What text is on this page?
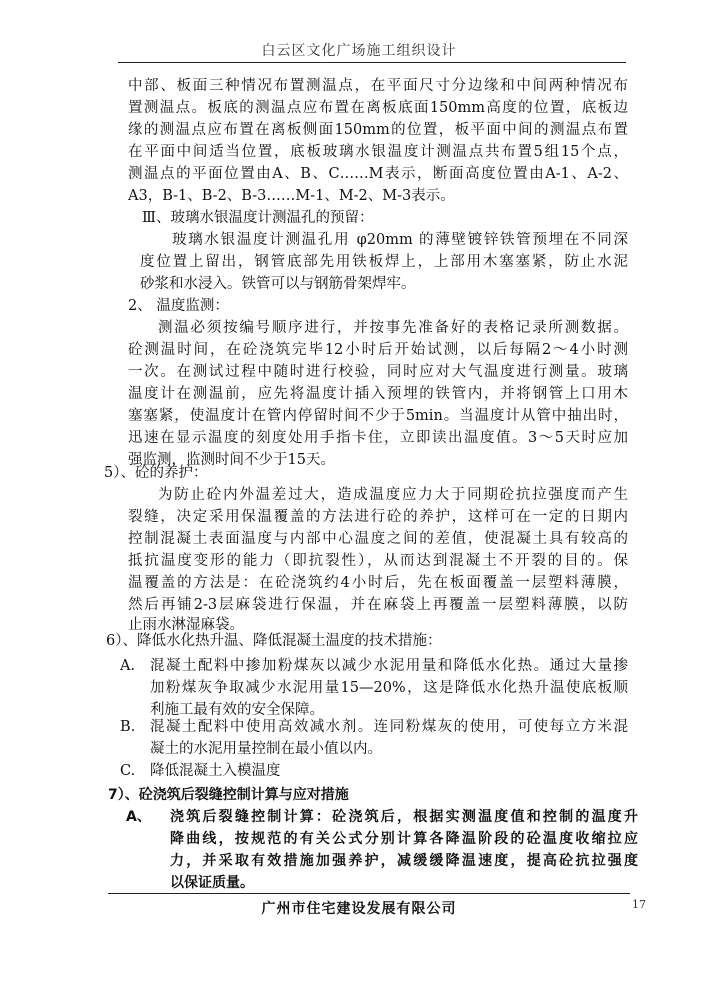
白云区文化广场施工组织设计
中部、板面三种情况布置测温点，在平面尺寸分边缘和中间两种情况布
置测温点。板底的测温点应布置在离板底面150mm高度的位置，底板边
缘的测温点应布置在离板侧面150mm的位置，板平面中间的测温点布置
在平面中间适当位置，底板玻璃水银温度计测温点共布置5组15个点，
测温点的平面位置由A、B、C……M表示，断面高度位置由A-1、A-2、
A3，B-1、B-2、B-3……M-1、M-2、M-3表示。
Ⅲ、玻璃水银温度计测温孔的预留：
玻璃水银温度计测温孔用 φ20mm 的薄壁镀锌铁管预埋在不同深
度位置上留出，钢管底部先用铁板焊上，上部用木塞塞紧，防止水泥
砂浆和水浸入。铁管可以与钢筋骨架焊牢。
2、 温度监测：
测温必须按编号顺序进行，并按事先准备好的表格记录所测数据。
砼测温时间，在砼浇筑完毕12小时后开始试测，以后每隔2～4小时测
一次。在测试过程中随时进行校验，同时应对大气温度进行测量。玻璃
温度计在测温前，应先将温度计插入预埋的铁管内，并将钢管上口用木
塞塞紧，使温度计在管内停留时间不少于5min。当温度计从管中抽出时，
迅速在显示温度的刻度处用手指卡住，立即读出温度值。3～5天时应加
强监测，监测时间不少于15天。
5）、砼的养护：
为防止砼内外温差过大，造成温度应力大于同期砼抗拉强度而产生
裂缝，决定采用保温覆盖的方法进行砼的养护，这样可在一定的日期内
控制混凝土表面温度与内部中心温度之间的差值，使混凝土具有较高的
抵抗温度变形的能力（即抗裂性），从而达到混凝土不开裂的目的。保
温覆盖的方法是：在砼浇筑约4小时后，先在板面覆盖一层塑料薄膜，
然后再铺2-3层麻袋进行保温，并在麻袋上再覆盖一层塑料薄膜，以防
止雨水淋湿麻袋。
6）、降低水化热升温、降低混凝土温度的技术措施：
A.	混凝土配料中掺加粉煤灰以减少水泥用量和降低水化热。通过大量掺
加粉煤灰争取减少水泥用量15—20%，这是降低水化热升温使底板顺
利施工最有效的安全保障。
B.	混凝土配料中使用高效减水剂。连同粉煤灰的使用，可使每立方米混
凝土的水泥用量控制在最小值以内。
C.	降低混凝土入模温度
7）、砼浇筑后裂缝控制计算与应对措施
A、	浇筑后裂缝控制计算：砼浇筑后，根据实测温度值和控制的温度升
降曲线，按规范的有关公式分别计算各降温阶段的砼温度收缩拉应
力，并采取有效措施加强养护，减缓缓降温速度，提高砼抗拉强度
以保证质量。
广州市住宅建设发展有限公司	17
